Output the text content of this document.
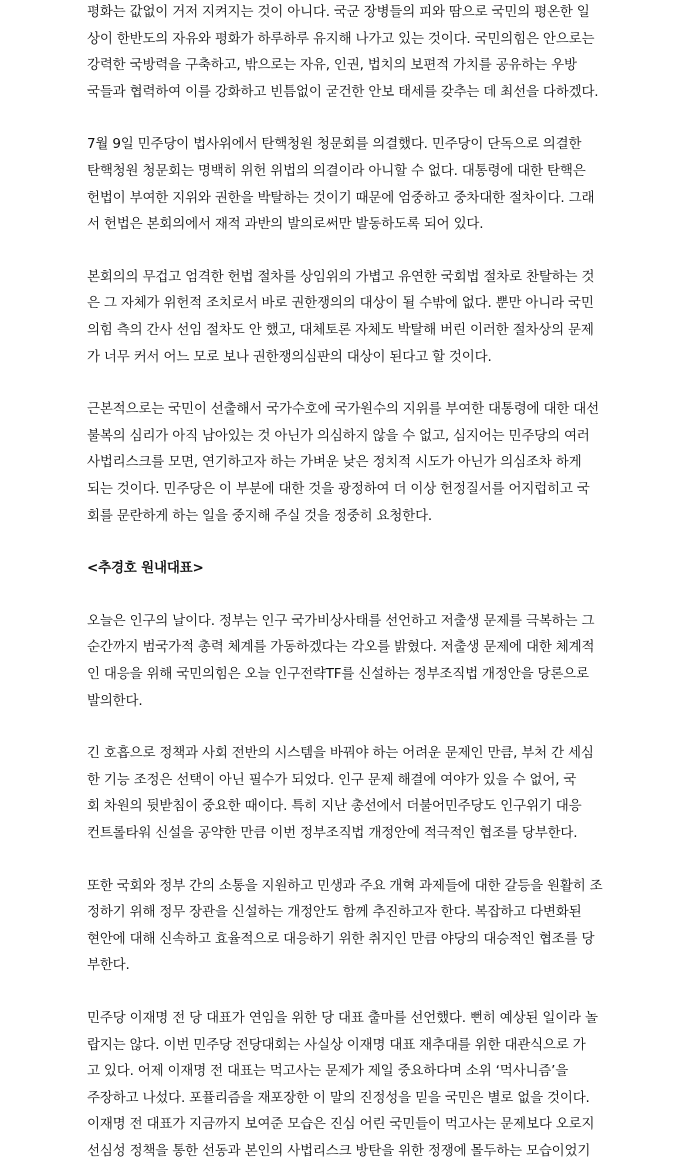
평화는 값없이 거저 지켜지는 것이 아니다. 국군 장병들의 피와 땀으로 국민의 평온한 일
상이 한반도의 자유와 평화가 하루하루 유지해 나가고 있는 것이다. 국민의힘은 안으로는
강력한 국방력을 구축하고, 밖으로는 자유, 인권, 법치의 보편적 가치를 공유하는 우방
국들과 협력하여 이를 강화하고 빈틈없이 굳건한 안보 태세를 갖추는 데 최선을 다하겠다.
7월 9일 민주당이 법사위에서 탄핵청원 청문회를 의결했다. 민주당이 단독으로 의결한
탄핵청원 청문회는 명백히 위헌 위법의 의결이라 아니할 수 없다. 대통령에 대한 탄핵은
헌법이 부여한 지위와 권한을 박탈하는 것이기 때문에 엄중하고 중차대한 절차이다. 그래
서 헌법은 본회의에서 재적 과반의 발의로써만 발동하도록 되어 있다.
본회의의 무겁고 엄격한 헌법 절차를 상임위의 가볍고 유연한 국회법 절차로 찬탈하는 것
은 그 자체가 위헌적 조치로서 바로 권한쟁의의 대상이 될 수밖에 없다. 뿐만 아니라 국민
의힘 측의 간사 선임 절차도 안 했고, 대체토론 자체도 박탈해 버린 이러한 절차상의 문제
가 너무 커서 어느 모로 보나 권한쟁의심판의 대상이 된다고 할 것이다.
근본적으로는 국민이 선출해서 국가수호에 국가원수의 지위를 부여한 대통령에 대한 대선
불복의 심리가 아직 남아있는 것 아닌가 의심하지 않을 수 없고, 심지어는 민주당의 여러
사법리스크를 모면, 연기하고자 하는 가벼운 낮은 정치적 시도가 아닌가 의심조차 하게
되는 것이다. 민주당은 이 부분에 대한 것을 광정하여 더 이상 헌정질서를 어지럽히고 국
회를 문란하게 하는 일을 중지해 주실 것을 정중히 요청한다.
<추경호 원내대표>
오늘은 인구의 날이다. 정부는 인구 국가비상사태를 선언하고 저출생 문제를 극복하는 그
순간까지 범국가적 총력 체계를 가동하겠다는 각오를 밝혔다. 저출생 문제에 대한 체계적
인 대응을 위해 국민의힘은 오늘 인구전략TF를 신설하는 정부조직법 개정안을 당론으로
발의한다.
긴 호흡으로 정책과 사회 전반의 시스템을 바꿔야 하는 어려운 문제인 만큼, 부처 간 세심
한 기능 조정은 선택이 아닌 필수가 되었다. 인구 문제 해결에 여야가 있을 수 없어, 국
회 차원의 뒷받침이 중요한 때이다. 특히 지난 총선에서 더불어민주당도 인구위기 대응
컨트롤타워 신설을 공약한 만큼 이번 정부조직법 개정안에 적극적인 협조를 당부한다.
또한 국회와 정부 간의 소통을 지원하고 민생과 주요 개혁 과제들에 대한 갈등을 원활히 조
정하기 위해 정무 장관을 신설하는 개정안도 함께 추진하고자 한다. 복잡하고 다변화된
현안에 대해 신속하고 효율적으로 대응하기 위한 취지인 만큼 야당의 대승적인 협조를 당
부한다.
민주당 이재명 전 당 대표가 연임을 위한 당 대표 출마를 선언했다. 뻔히 예상된 일이라 놀
랍지는 않다. 이번 민주당 전당대회는 사실상 이재명 대표 재추대를 위한 대관식으로 가
고 있다. 어제 이재명 전 대표는 먹고사는 문제가 제일 중요하다며 소위 ‘먹사니즘’을
주장하고 나섰다. 포퓰리즘을 재포장한 이 말의 진정성을 믿을 국민은 별로 없을 것이다.
이재명 전 대표가 지금까지 보여준 모습은 진심 어린 국민들이 먹고사는 문제보다 오로지
선심성 정책을 통한 선동과 본인의 사법리스크 방탄을 위한 정쟁에 몰두하는 모습이었기
